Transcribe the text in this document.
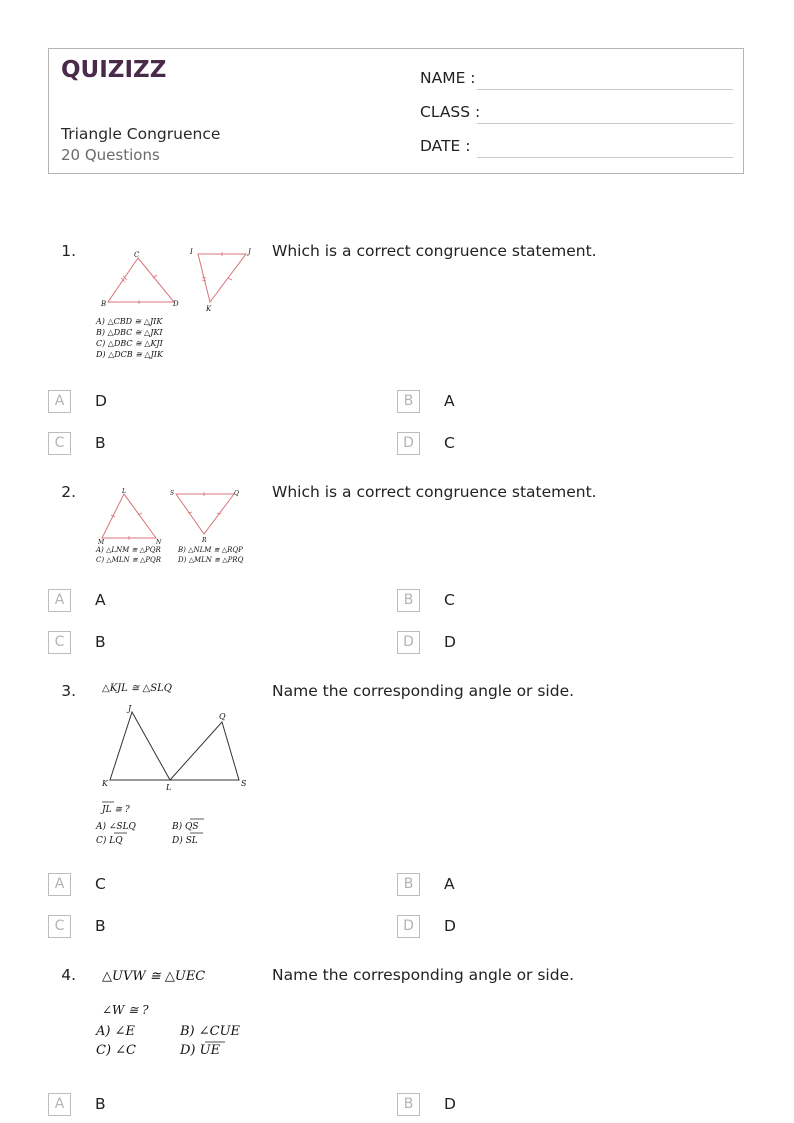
QUIZIZZ
Triangle Congruence
20 Questions
NAME :
CLASS :
DATE :
1.	Which is a correct congruence statement.
C
B	D
I	J
K
A) △CBD ≅ △JIK
B) △DBC ≅ △JKI
C) △DBC ≅ △KJI
D) △DCB ≅ △JIK
A	D	B	A
C	B	D	C
2.	Which is a correct congruence statement.
L
M	N
S	Q
R
A) △LNM ≅ △PQR B) △NLM ≅ △RQP
C) △MLN ≅ △PQR D) △MLN ≅ △PRQ
A	A	B	C
C	B	D	D
3.	Name the corresponding angle or side.
△KJL ≅ △SLQ
J
Q
K	L	S
JL ≅ ?
A) ∠SLQ	B) QS
C) LQ	D) SL
A	C	B	A
C	B	D	D
4.	Name the corresponding angle or side.
△UVW ≅ △UEC
∠W ≅ ?
A) ∠E	B) ∠CUE
C) ∠C	D) UE
A	B	B	D
